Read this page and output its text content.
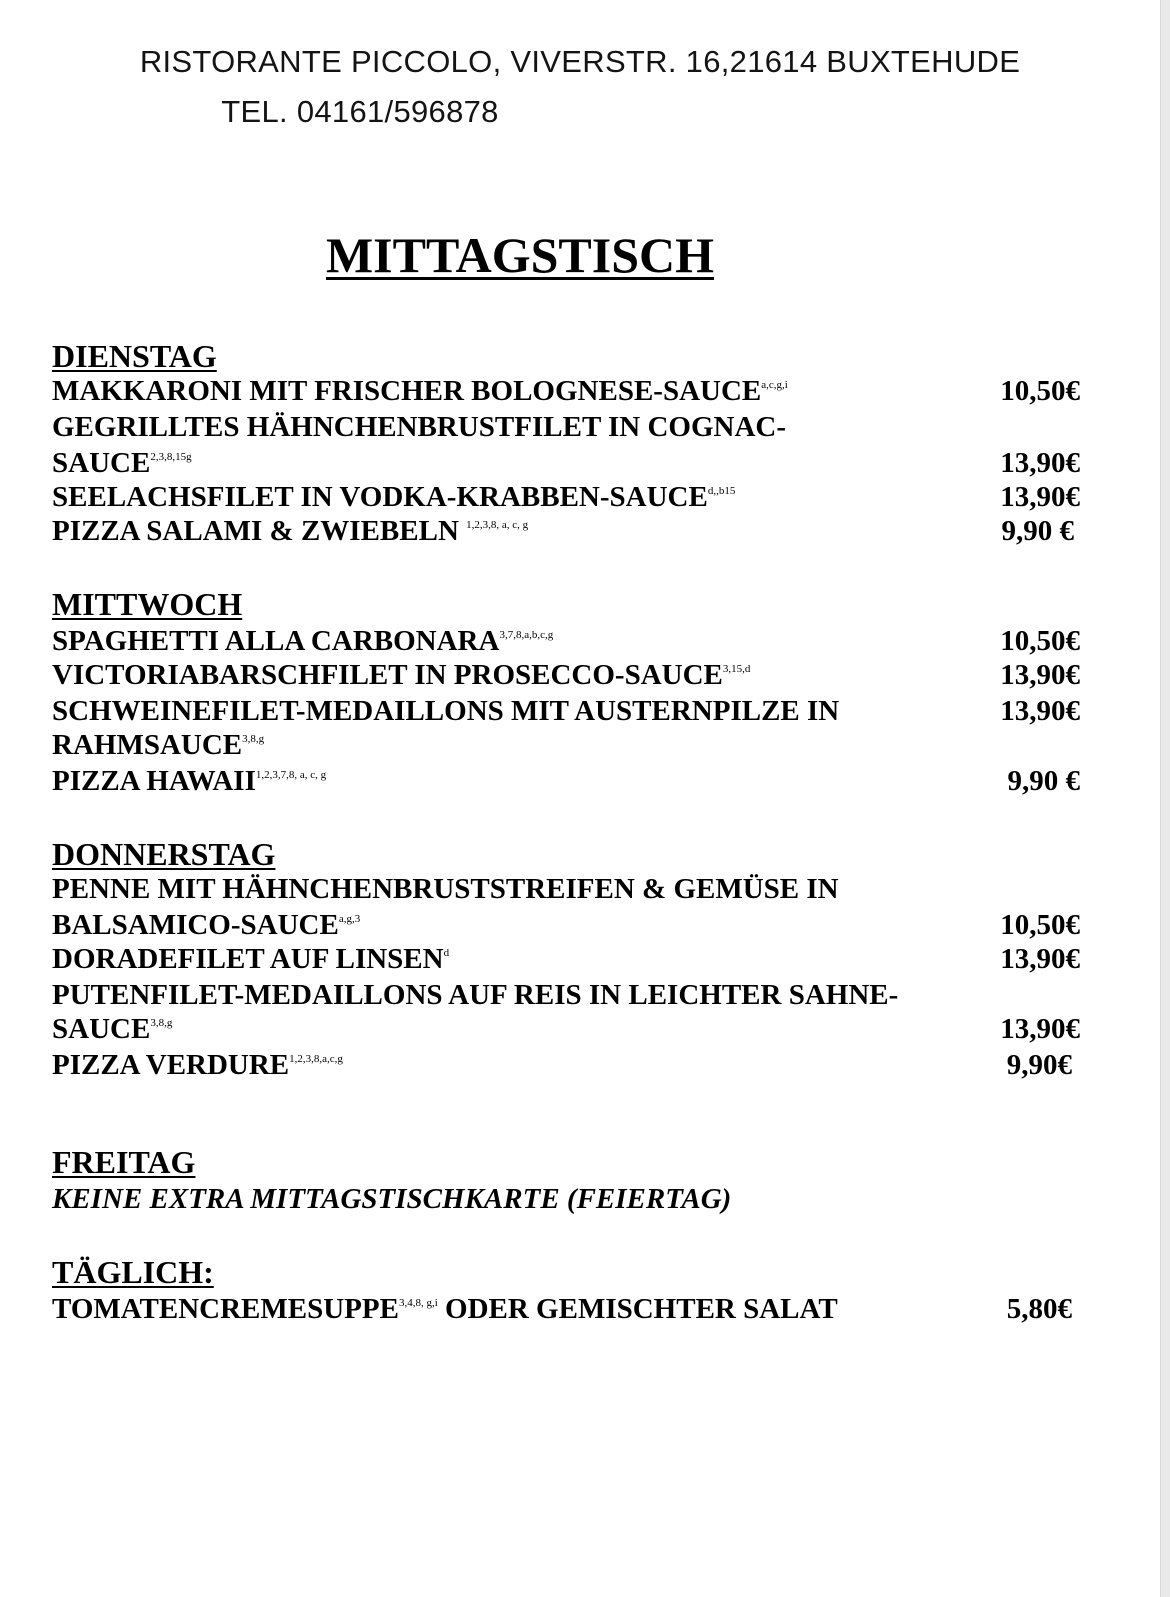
RISTORANTE PICCOLO, VIVERSTR. 16,21614 BUXTEHUDE
TEL. 04161/596878
MITTAGSTISCH
DIENSTAG
MAKKARONI MIT FRISCHER BOLOGNESE-SAUCE$^{a,c,g,i}$	10,50€
GEGRILLTES HÄHNCHENBRUSTFILET IN COGNAC-
$SAUCE^{2,3,8,15g}$	13,90€
SEELACHSFILET IN VODKA-$KRABBEN-SAUCE^{d,,b15}$	13,90€
PIZZA SALAMI & ZWIEBELN $^{1,2,3,8, a, c, g}$	9,90 €
MITTWOCH
SPAGHETTI ALLA CARBONARA$^{3,7,8,a,b,c,g}$	10,50€
VICTORIABARSCHFILET IN PROSECCO-SAUCE$^{3,15,d}$	13,90€
SCHWEINEFILET-MEDAILLONS MIT AUSTERNPILZE IN	13,90€
RAHMSAUCE$^{3,8,g}$
PIZZA HAWAII$^{1,2,3,7,8, a, c, g}$	9,90 €
DONNERSTAG
PENNE MIT HÄHNCHENBRUSTSTREIFEN & GEMÜSE IN
BALSAMICO-SAUCE$^{a,g,3}$	10,50€
DORADEFILET AUF LINSEN$^d$	13,90€
PUTENFILET-MEDAILLONS AUF REIS IN LEICHTER SAHNE-
SAUCE$^{3,8,g}$	13,90€
PIZZA VERDURE$^{1,2,3,8,a,c,g}$	9,90€
FREITAG
KEINE EXTRA MITTAGSTISCHKARTE (FEIERTAG)
TÄGLICH:
TOMATENCREMESUPPE$^{3,4,8, g,i}$ ODER GEMISCHTER SALAT	5,80€
